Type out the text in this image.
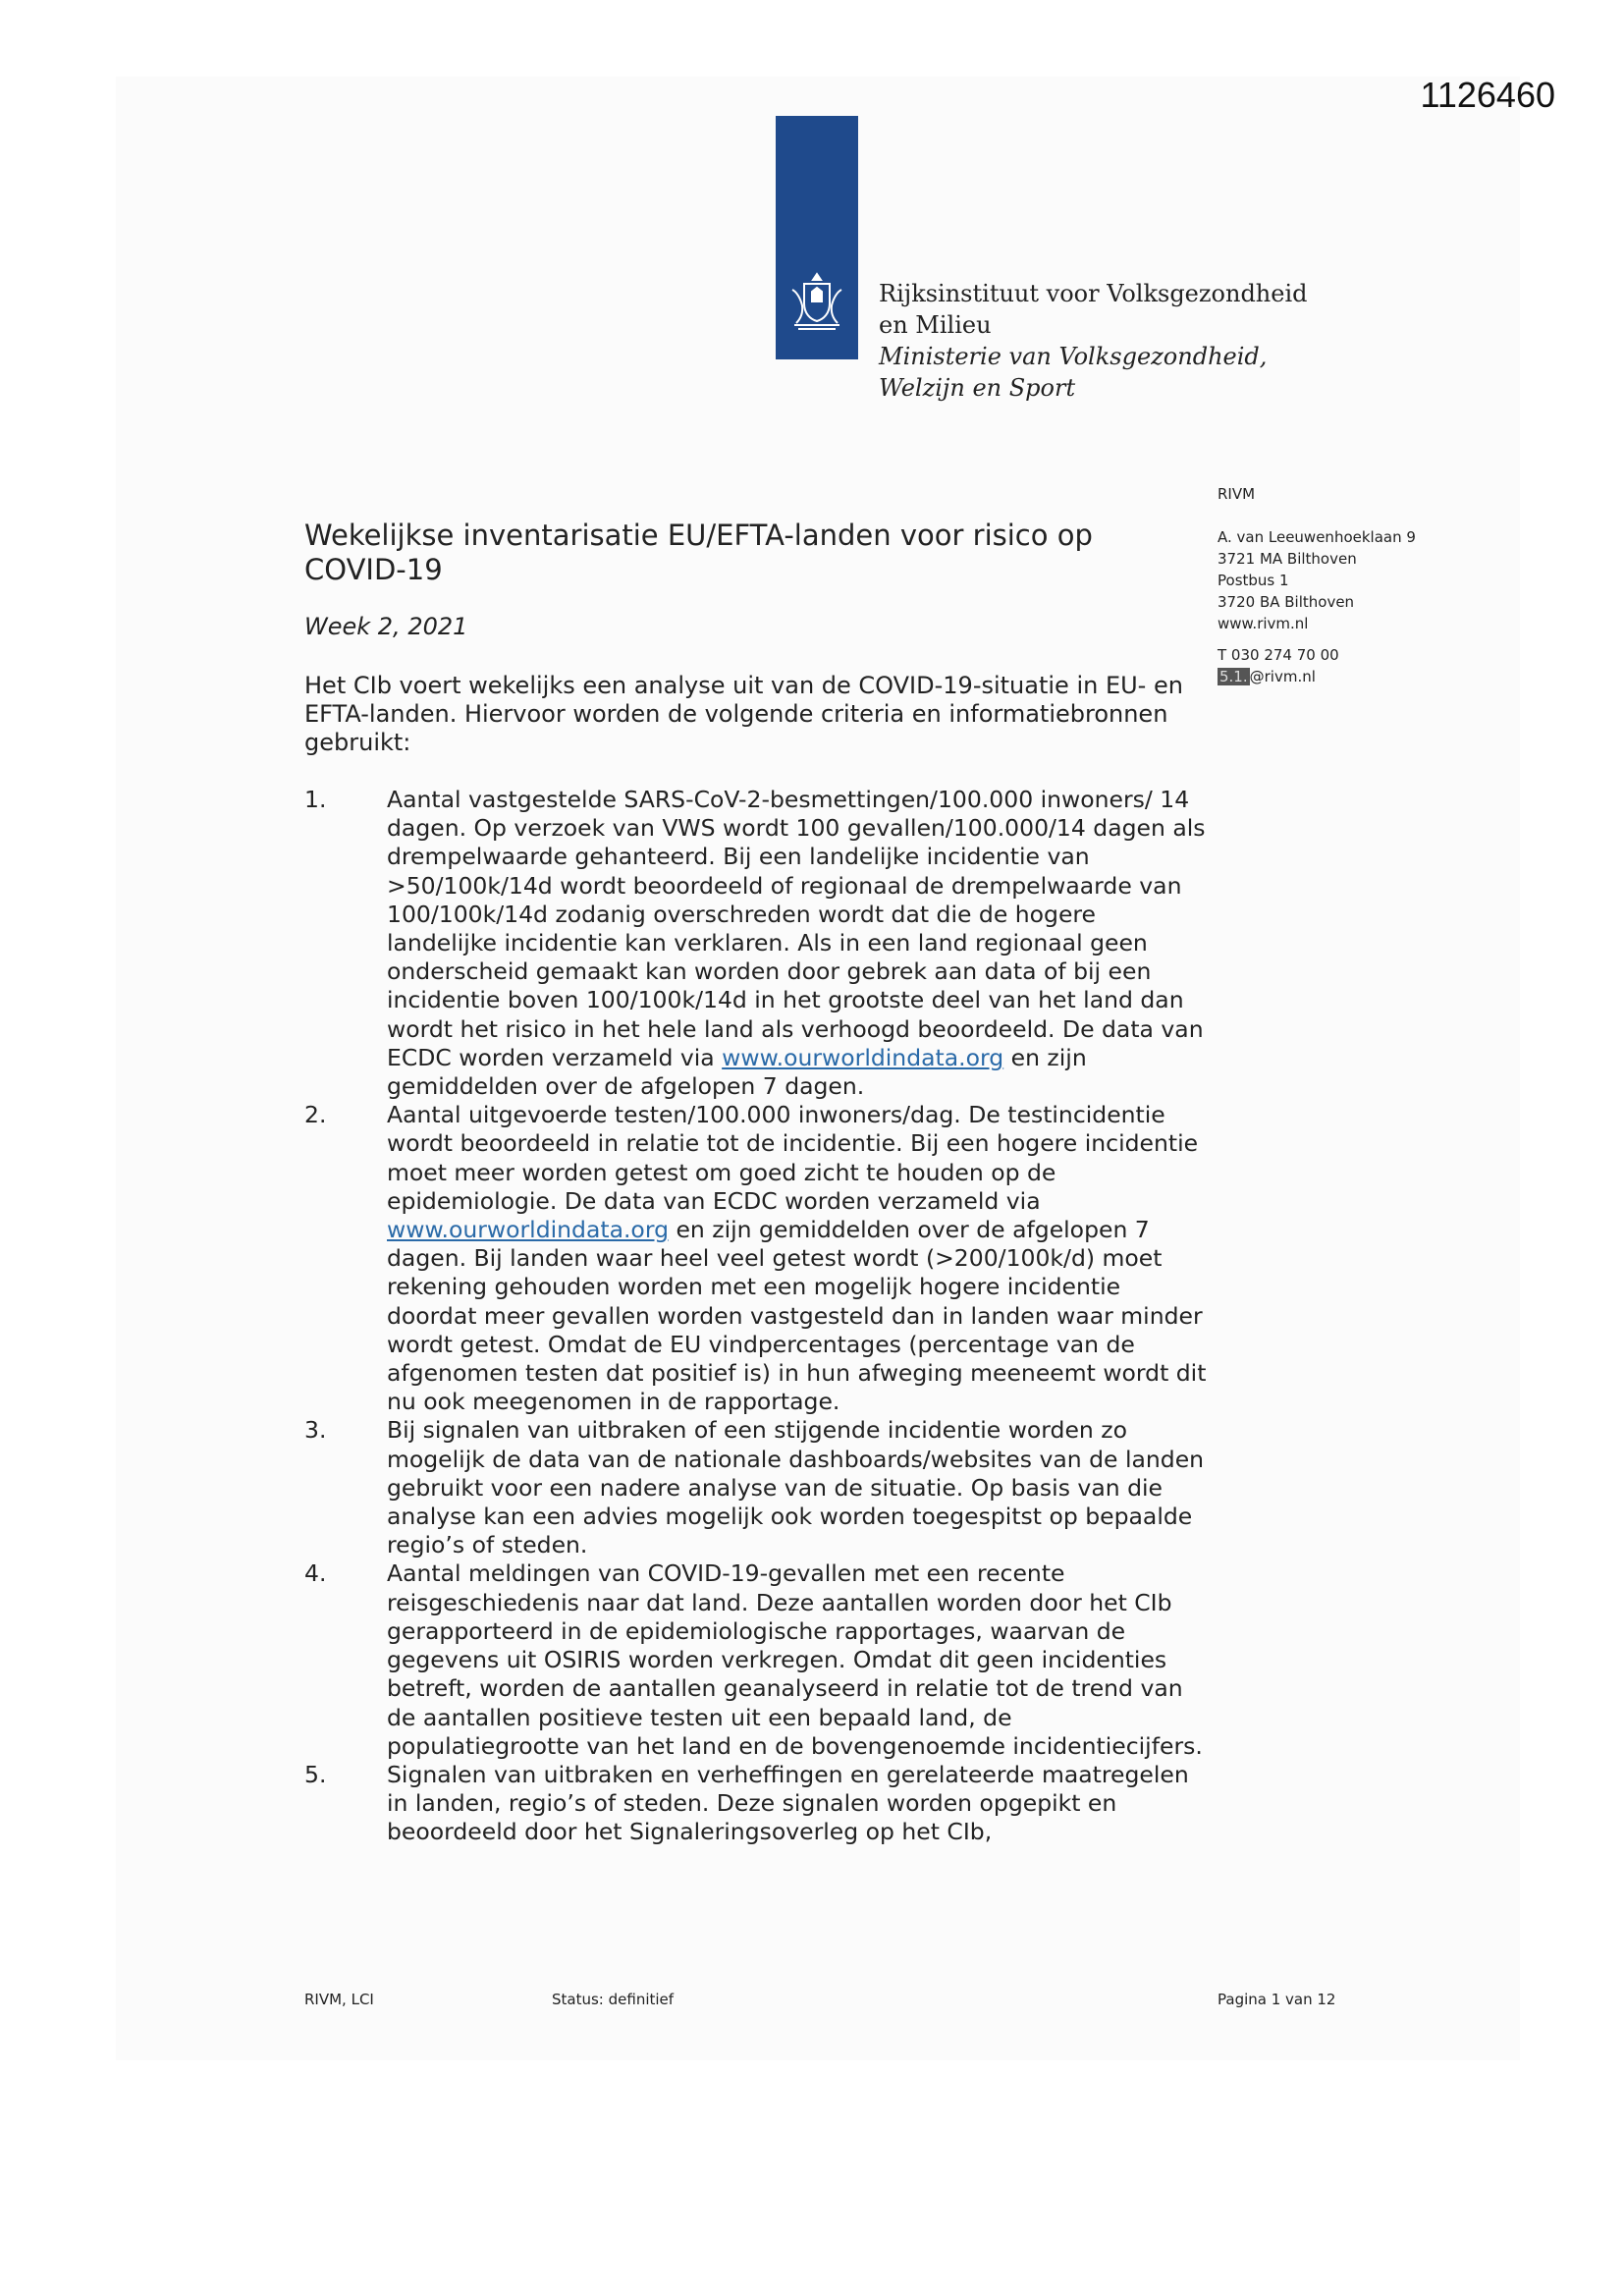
1126460
Rijksinstituut voor Volksgezondheid
en Milieu
Ministerie van Volksgezondheid,
Welzijn en Sport
RIVM
A. van Leeuwenhoeklaan 9
3721 MA Bilthoven
Postbus 1
3720 BA Bilthoven
www.rivm.nl
T 030 274 70 00
5.1. @rivm.nl
Wekelijkse inventarisatie EU/EFTA-landen voor risico op COVID-19
Week 2, 2021

Het CIb voert wekelijks een analyse uit van de COVID-19-situatie in EU- en EFTA-landen. Hiervoor worden de volgende criteria en informatiebronnen gebruikt:

1.	Aantal vastgestelde SARS-CoV-2-besmettingen/100.000 inwoners/ 14 dagen. Op verzoek van VWS wordt 100 gevallen/100.000/14 dagen als drempelwaarde gehanteerd. Bij een landelijke incidentie van >50/100k/14d wordt beoordeeld of regionaal de drempelwaarde van 100/100k/14d zodanig overschreden wordt dat die de hogere landelijke incidentie kan verklaren. Als in een land regionaal geen onderscheid gemaakt kan worden door gebrek aan data of bij een incidentie boven 100/100k/14d in het grootste deel van het land dan wordt het risico in het hele land als verhoogd beoordeeld. De data van ECDC worden verzameld via www.ourworldindata.org en zijn gemiddelden over de afgelopen 7 dagen.
2.	Aantal uitgevoerde testen/100.000 inwoners/dag. De testincidentie wordt beoordeeld in relatie tot de incidentie. Bij een hogere incidentie moet meer worden getest om goed zicht te houden op de epidemiologie. De data van ECDC worden verzameld via www.ourworldindata.org en zijn gemiddelden over de afgelopen 7 dagen. Bij landen waar heel veel getest wordt (>200/100k/d) moet rekening gehouden worden met een mogelijk hogere incidentie doordat meer gevallen worden vastgesteld dan in landen waar minder wordt getest. Omdat de EU vindpercentages (percentage van de afgenomen testen dat positief is) in hun afweging meeneemt wordt dit nu ook meegenomen in de rapportage.
3.	Bij signalen van uitbraken of een stijgende incidentie worden zo mogelijk de data van de nationale dashboards/websites van de landen gebruikt voor een nadere analyse van de situatie. Op basis van die analyse kan een advies mogelijk ook worden toegespitst op bepaalde regio’s of steden.
4.	Aantal meldingen van COVID-19-gevallen met een recente reisgeschiedenis naar dat land. Deze aantallen worden door het CIb gerapporteerd in de epidemiologische rapportages, waarvan de gegevens uit OSIRIS worden verkregen. Omdat dit geen incidenties betreft, worden de aantallen geanalyseerd in relatie tot de trend van de aantallen positieve testen uit een bepaald land, de populatiegrootte van het land en de bovengenoemde incidentiecijfers.
5.	Signalen van uitbraken en verheffingen en gerelateerde maatregelen in landen, regio’s of steden. Deze signalen worden opgepikt en beoordeeld door het Signaleringsoverleg op het CIb,
RIVM, LCI	Status: definitief	Pagina 1 van 12
